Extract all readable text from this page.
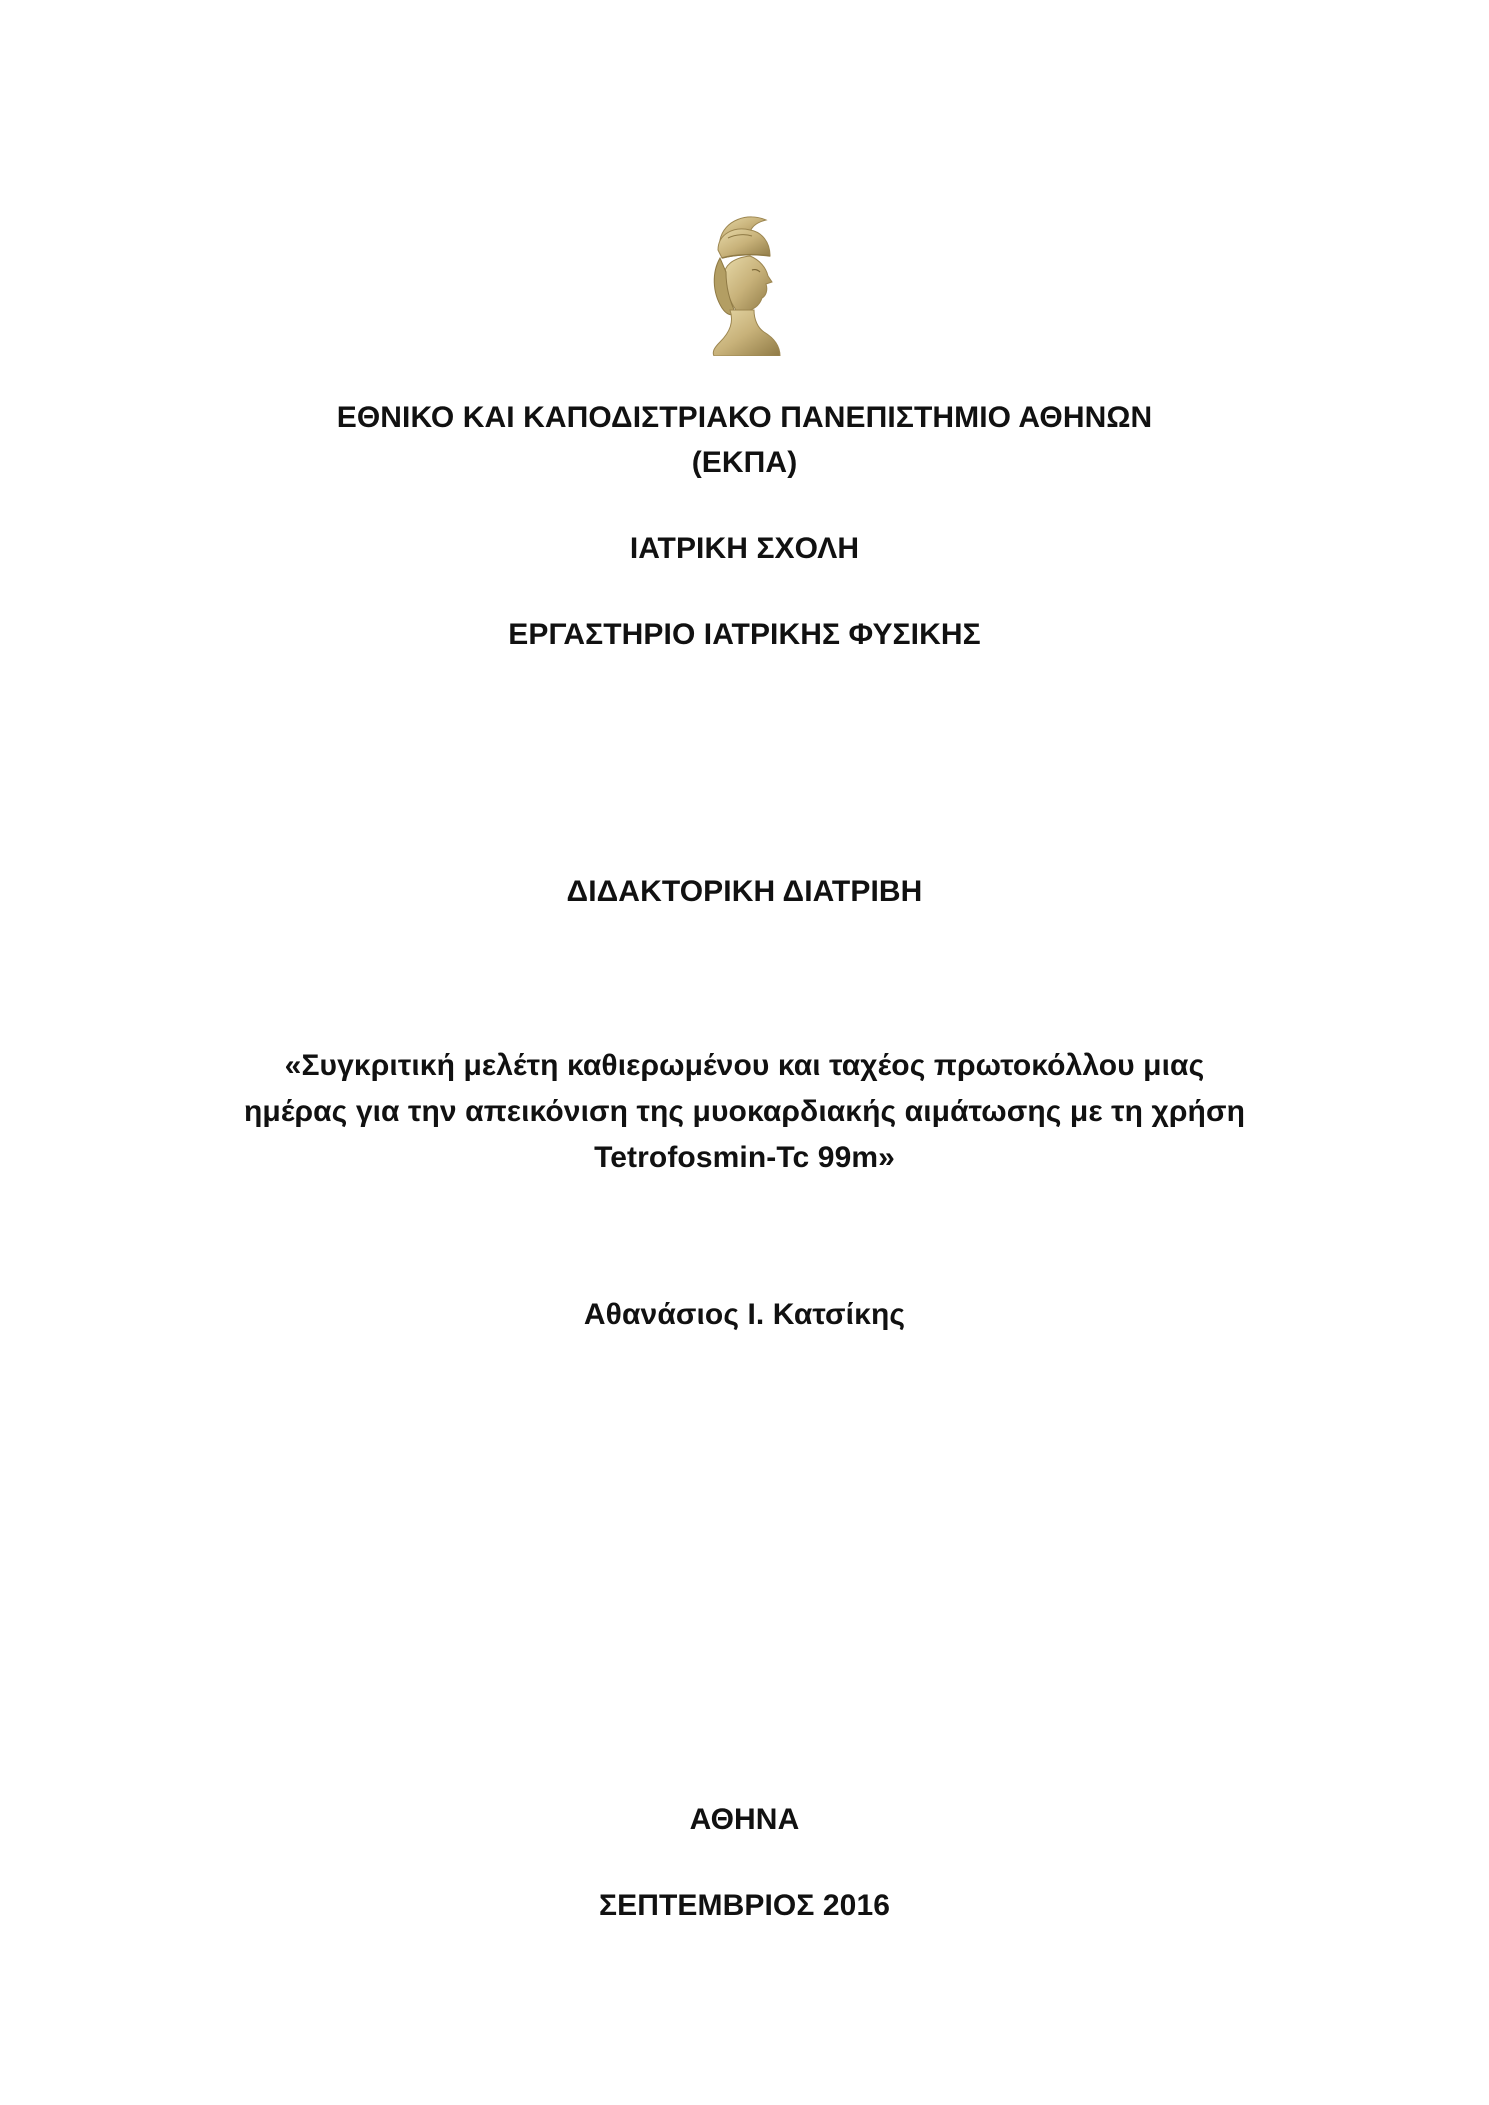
ΕΘΝΙΚΟ ΚΑΙ ΚΑΠΟΔΙΣΤΡΙΑΚΟ ΠΑΝΕΠΙΣΤΗΜΙΟ ΑΘΗΝΩΝ
(ΕΚΠΑ)
ΙΑΤΡΙΚΗ ΣΧΟΛΗ
ΕΡΓΑΣΤΗΡΙΟ ΙΑΤΡΙΚΗΣ ΦΥΣΙΚΗΣ
ΔΙΔΑΚΤΟΡΙΚΗ ΔΙΑΤΡΙΒΗ
«Συγκριτική μελέτη καθιερωμένου και ταχέος πρωτοκόλλου μιας
ημέρας για την απεικόνιση της μυοκαρδιακής αιμάτωσης με τη χρήση
Tetrofosmin-Tc 99m»
Αθανάσιος Ι. Κατσίκης
ΑΘΗΝΑ
ΣΕΠΤΕΜΒΡΙΟΣ 2016
